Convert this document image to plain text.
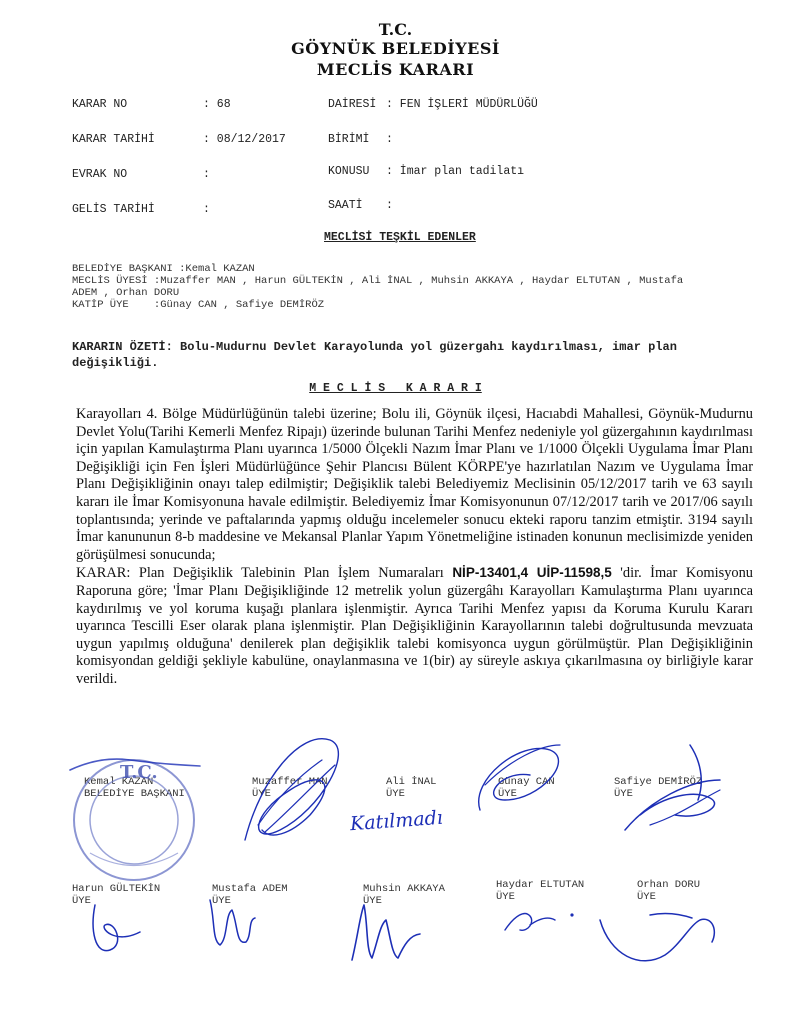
T.C.
GÖYNÜK BELEDİYESİ
MECLİS KARARI
KARAR NO	: 68	DAİRESİ : FEN İŞLERİ MÜDÜRLÜĞÜ
KARAR TARİHİ	: 08/12/2017	BİRİMİ :
EVRAK NO	:	KONUSU : İmar plan tadilatı
GELİS TARİHİ	:	SAATİ :
MECLİSİ TEŞKİL EDENLER
BELEDİYE BAŞKANI :Kemal KAZAN
MECLİS ÜYESİ :Muzaffer MAN , Harun GÜLTEKİN , Ali İNAL , Muhsin AKKAYA , Haydar ELTUTAN , Mustafa
ADEM , Orhan DORU
KATİP ÜYE    :Günay CAN , Safiye DEMİRÖZ
KARARIN ÖZETİ: Bolu-Mudurnu Devlet Karayolunda yol güzergahı kaydırılması, imar plan
değişikliği.
M E C L İ S   K A R A R I
Karayolları 4. Bölge Müdürlüğünün talebi üzerine; Bolu ili, Göynük ilçesi, Hacıabdi Mahallesi, Göynük-Mudurnu Devlet Yolu(Tarihi Kemerli Menfez Ripajı) üzerinde bulunan Tarihi Menfez nedeniyle yol güzergahının kaydırılması için yapılan Kamulaştırma Planı uyarınca 1/5000 Ölçekli Nazım İmar Planı ve 1/1000 Ölçekli Uygulama İmar Planı Değişikliği için Fen İşleri Müdürlüğünce Şehir Plancısı Bülent KÖRPE'ye hazırlatılan Nazım ve Uygulama İmar Planı Değişikliğinin onayı talep edilmiştir; Değişiklik talebi Belediyemiz Meclisinin 05/12/2017 tarih ve 63 sayılı kararı ile İmar Komisyonuna havale edilmiştir. Belediyemiz İmar Komisyonunun 07/12/2017 tarih ve 2017/06 sayılı toplantısında; yerinde ve paftalarında yapmış olduğu incelemeler sonucu ekteki raporu tanzim etmiştir. 3194 sayılı İmar kanununun 8-b maddesine ve Mekansal Planlar Yapım Yönetmeliğine istinaden konunun meclisimizde yeniden görüşülmesi sonucunda;
KARAR: Plan Değişiklik Talebinin Plan İşlem Numaraları NİP-13401,4 UİP-11598,5 'dir. İmar Komisyonu Raporuna göre; 'İmar Planı Değişikliğinde 12 metrelik yolun güzergâhı Karayolları Kamulaştırma Planı uyarınca kaydırılmış ve yol koruma kuşağı planlara işlenmiştir. Ayrıca Tarihi Menfez yapısı da Koruma Kurulu Kararı uyarınca Tescilli Eser olarak plana işlenmiştir. Plan Değişikliğinin Karayollarının talebi doğrultusunda mevzuata uygun yapılmış olduğuna' denilerek plan değişiklik talebi komisyonca uygun görülmüştür. Plan Değişikliğinin komisyondan geldiği şekliyle kabulüne, onaylanmasına ve 1(bir) ay süreyle askıya çıkarılmasına oy birliğiyle karar verildi.
Kemal KAZAN
BELEDİYE BAŞKANI
Muzaffer MAN
ÜYE
Ali İNAL
ÜYE
Günay CAN
ÜYE
Safiye DEMİRÖZ
ÜYE
Harun GÜLTEKİN
ÜYE
Mustafa ADEM
ÜYE
Muhsin AKKAYA
ÜYE
Haydar ELTUTAN
ÜYE
Orhan DORU
ÜYE
Katılmadı
T.C.
